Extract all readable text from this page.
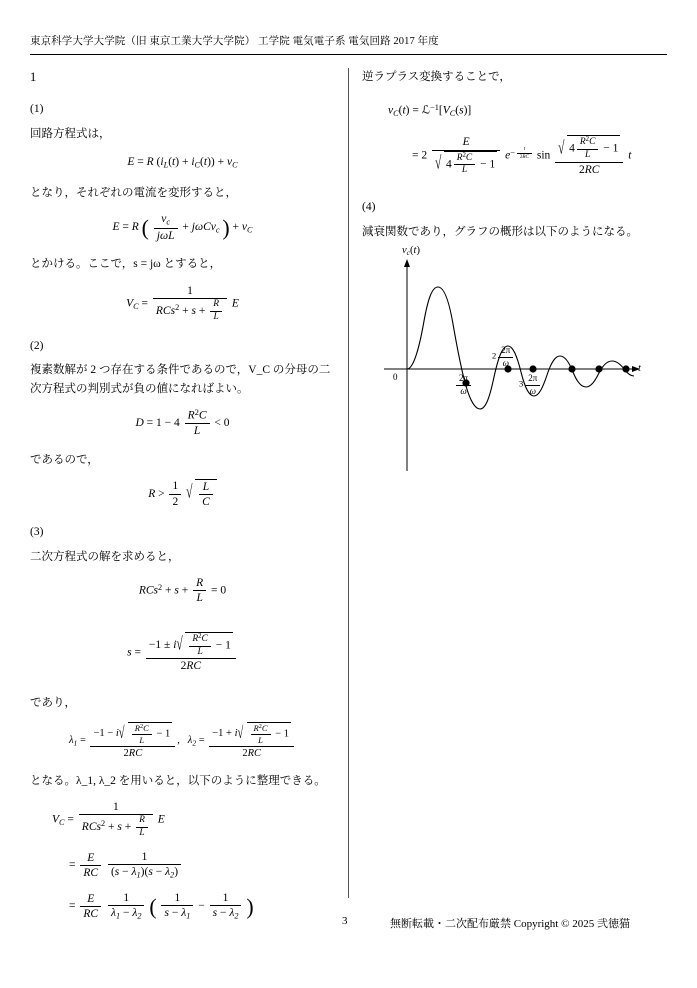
東京科学大学大学院（旧 東京工業大学大学院） 工学院 電気電子系 電気回路 2017 年度
1
(1)
回路方程式は，
E = R $(i_L(t) + i_C(t)) + v_C$
となり，それぞれの電流を変形すると，
E = R ( $\frac{v_c}{\text{jωL}} + j\omega Cv_c$ ) + $v_C$
とかける。ここで，s = jω とすると，
$V_C = \frac{1}{RCs^2 + s + \frac{R}{L}}$ E
(2)
複素数解が 2 つ存在する条件であるので，V_C の分母の二次方程式の判別式が負の値になればよい。
$D = 1 - 4 \frac{R^2C}{L} < 0$
であるので，
$R > \frac{1}{2}$
√ $\frac{L}{C}$
(3)
二次方程式の解を求めると，
$RCs^2 + s + \frac{R}{L} = 0$
$s = \frac{-1 \pm i √ \frac{R^2C}{L} - 1}{2RC}$
であり，
$\lambda_1 = \frac{-1 - i √ \frac{R^2C}{L} - 1}{2RC}$ ,   $\lambda_2 = \frac{-1 + i √ \frac{R^2C}{L} - 1}{2RC}$
となる。λ_1, λ_2 を用いると，以下のように整理できる。
$V_C = \frac{1}{RCs^2 + s + \frac{R}{L}}$ E
= $\frac{E}{RC}$
$\frac{1}{(s - \lambda_1)(s - \lambda_2)}$
= $\frac{E}{RC}$
$\frac{1}{\lambda_1 - \lambda_2}$ ( $\frac{1}{s - \lambda_1} - \frac{1}{s - \lambda_2}$ )
逆ラプラス変換することで，
$v_C(t)$ = $ℒ^{-1}[V_C(s)]$
= 2 E
√ $4 \frac{R^2C}{L} - 1$ $e^{- \frac{t}{2RC}}$ sin √ $\frac{4 \frac{R^2C}{L} - 1}{2RC}$ t
(4)
減衰関数であり，グラフの概形は以下のようになる。
$v_c(t)$
t
0	$\frac{2\pi}{\omega}$
$2 \frac{2\pi}{\omega}$
$3 \frac{2\pi}{\omega}$
3	無断転載・二次配布厳禁 Copyright © 2025 弐徳猫
